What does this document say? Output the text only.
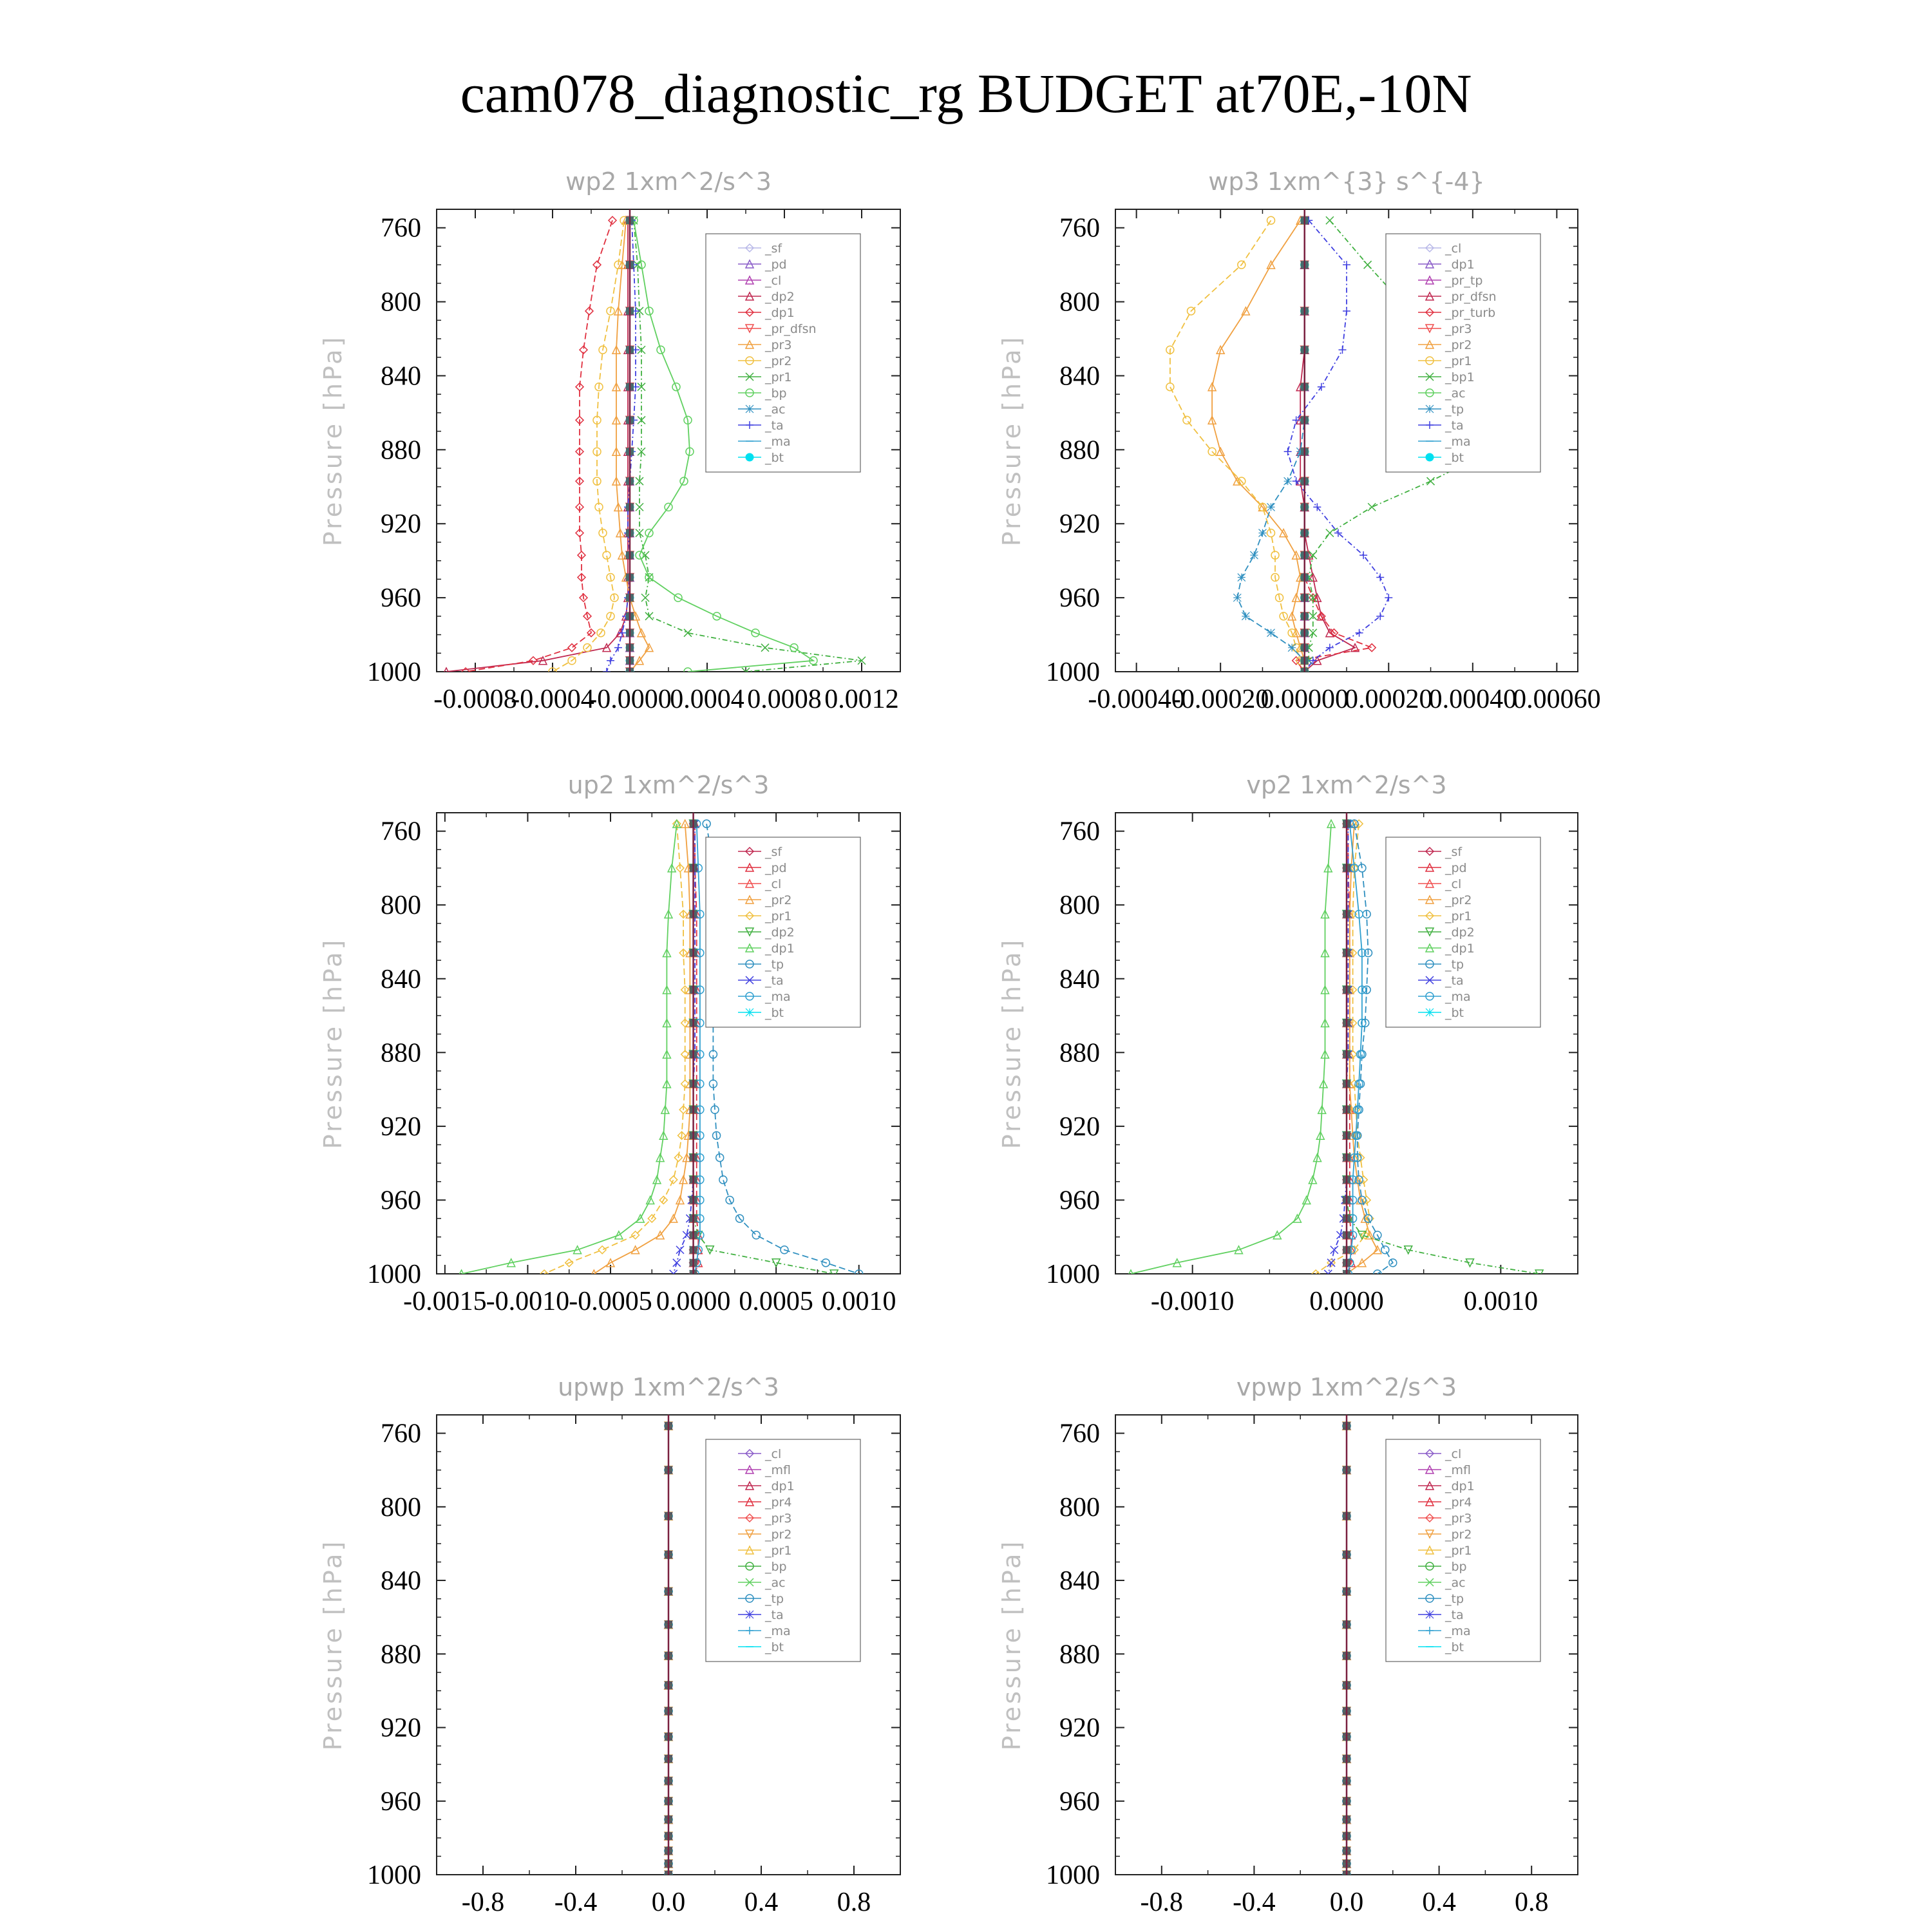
cam078_diagnostic_rg BUDGET at70E,-10N
wp2 1xm^2/s^3
Pressure [hPa]
760
800
840
880
920
960
1000
-0.0008
-0.0004
-0.0000
0.0004 0.0008 0.0012
_sf
_pd
_cl
_dp2
_dp1
_pr_dfsn
_pr3
_pr2
_pr1
_bp
_ac
_ta
_ma
_bt
wp3 1xm^{3} s^{-4}
Pressure [hPa]
760
800
840
880
920
960
1000
-0.00040
-0.00020
0.00000
0.00020
0.00040
0.00060
_cl
_dp1
_pr_tp
_pr_dfsn
_pr_turb
_pr3
_pr2
_pr1
_bp1
_ac
_tp
_ta
_ma
_bt
up2 1xm^2/s^3
Pressure [hPa]
760
800
840
880
920
960
1000
-0.0015 -0.0010 -0.0005 0.0000 0.0005 0.0010
_sf
_pd
_cl
_pr2
_pr1
_dp2
_dp1
_tp
_ta
_ma
_bt
vp2 1xm^2/s^3
Pressure [hPa]
760
800
840
880
920
960
1000
-0.0010	0.0000	0.0010
_sf
_pd
_cl
_pr2
_pr1
_dp2
_dp1
_tp
_ta
_ma
_bt
upwp 1xm^2/s^3
Pressure [hPa]
760
800
840
880
920
960
1000
-0.8 -0.4 0.0 0.4 0.8
_cl
_mfl
_dp1
_pr4
_pr3
_pr2
_pr1
_bp
_ac
_tp
_ta
_ma
_bt
vpwp 1xm^2/s^3
Pressure [hPa]
760
800
840
880
920
960
1000
-0.8 -0.4 0.0 0.4 0.8
_cl
_mfl
_dp1
_pr4
_pr3
_pr2
_pr1
_bp
_ac
_tp
_ta
_ma
_bt
